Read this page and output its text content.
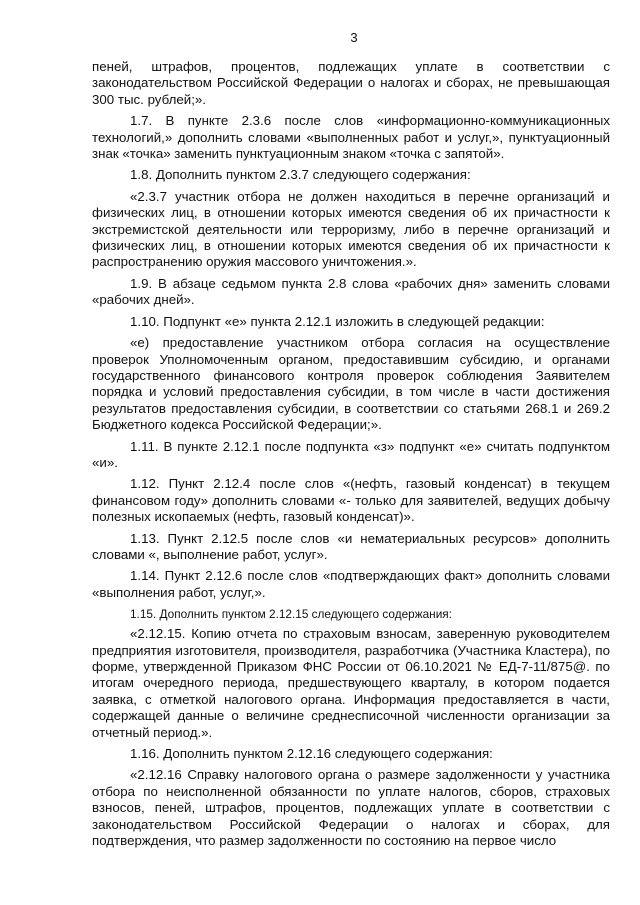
3

пеней, штрафов, процентов, подлежащих уплате в соответствии с законодательством Российской Федерации о налогах и сборах, не превышающая 300 тыс. рублей;».

1.7. В пункте 2.3.6 после слов «информационно-коммуникационных технологий,» дополнить словами «выполненных работ и услуг,», пунктуационный знак «точка» заменить пунктуационным знаком «точка с запятой».

1.8. Дополнить пунктом 2.3.7 следующего содержания:

«2.3.7 участник отбора не должен находиться в перечне организаций и физических лиц, в отношении которых имеются сведения об их причастности к экстремистской деятельности или терроризму, либо в перечне организаций и физических лиц, в отношении которых имеются сведения об их причастности к распространению оружия массового уничтожения.».

1.9. В абзаце седьмом пункта 2.8 слова «рабочих дня» заменить словами «рабочих дней».

1.10. Подпункт «е» пункта 2.12.1 изложить в следующей редакции:

«е) предоставление участником отбора согласия на осуществление проверок Уполномоченным органом, предоставившим субсидию, и органами государственного финансового контроля проверок соблюдения Заявителем порядка и условий предоставления субсидии, в том числе в части достижения результатов предоставления субсидии, в соответствии со статьями 268.1 и 269.2 Бюджетного кодекса Российской Федерации;».

1.11. В пункте 2.12.1 после подпункта «з» подпункт «е» считать подпунктом «и».

1.12. Пункт 2.12.4 после слов «(нефть, газовый конденсат) в текущем финансовом году» дополнить словами «- только для заявителей, ведущих добычу полезных ископаемых (нефть, газовый конденсат)».

1.13. Пункт 2.12.5 после слов «и нематериальных ресурсов» дополнить словами «, выполнение работ, услуг».

1.14. Пункт 2.12.6 после слов «подтверждающих факт» дополнить словами «выполнения работ, услуг,».

1.15. Дополнить пунктом 2.12.15 следующего содержания:

«2.12.15. Копию отчета по страховым взносам, заверенную руководителем предприятия изготовителя, производителя, разработчика (Участника Кластера), по форме, утвержденной Приказом ФНС России от 06.10.2021 № ЕД-7-11/875@. по итогам очередного периода, предшествующего кварталу, в котором подается заявка, с отметкой налогового органа. Информация предоставляется в части, содержащей данные о величине среднесписочной численности организации за отчетный период.».

1.16. Дополнить пунктом 2.12.16 следующего содержания:

«2.12.16 Справку налогового органа о размере задолженности у участника отбора по неисполненной обязанности по уплате налогов, сборов, страховых взносов, пеней, штрафов, процентов, подлежащих уплате в соответствии с законодательством Российской Федерации о налогах и сборах, для подтверждения, что размер задолженности по состоянию на первое число
